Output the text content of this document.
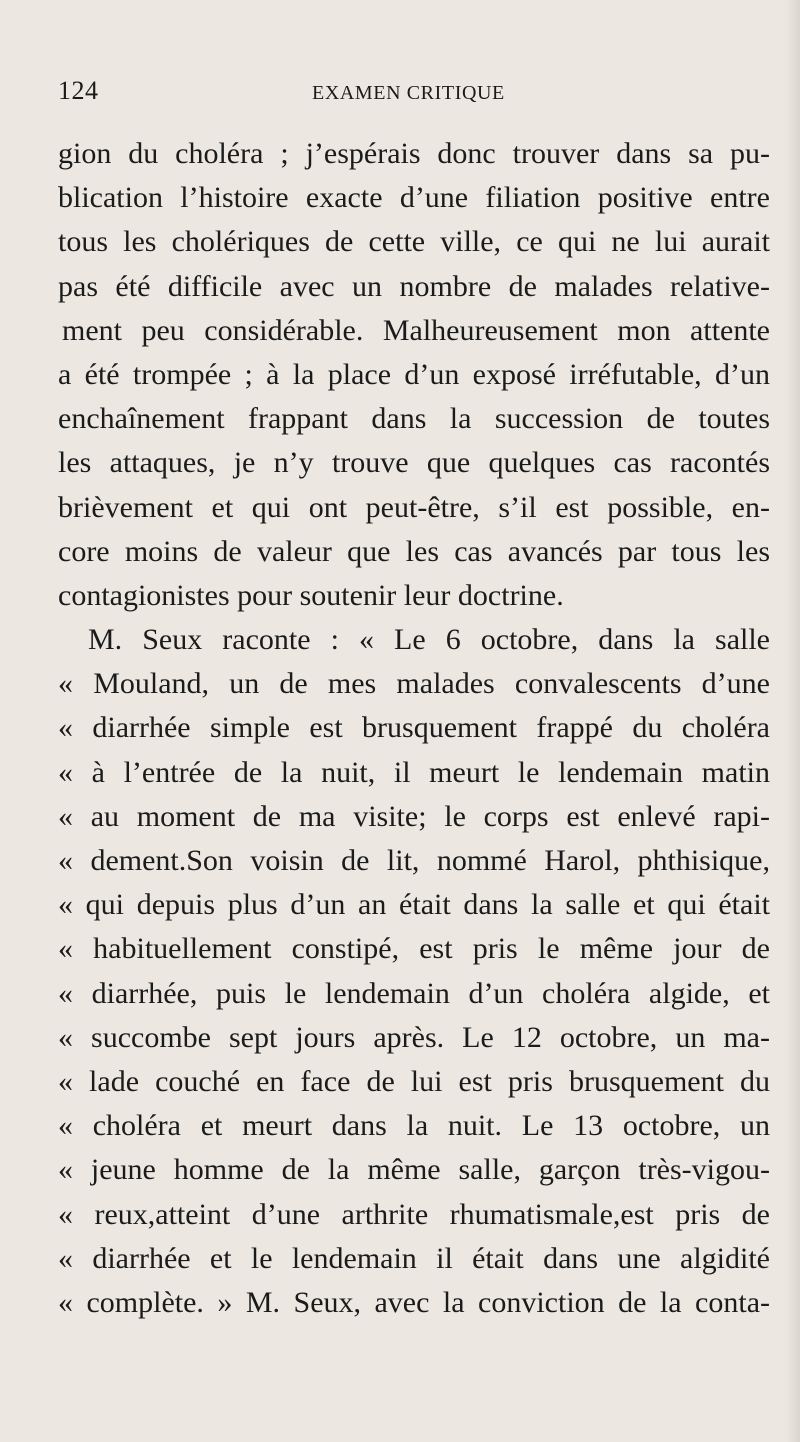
124	EXAMEN CRITIQUE
gion du choléra ; j’espérais donc trouver dans sa pu-
blication l’histoire exacte d’une filiation positive entre
tous les cholériques de cette ville, ce qui ne lui aurait
pas été difficile avec un nombre de malades relative-
ment peu considérable. Malheureusement mon attente
a été trompée ; à la place d’un exposé irréfutable, d’un
enchaînement frappant dans la succession de toutes
les attaques, je n’y trouve que quelques cas racontés
brièvement et qui ont peut-être, s’il est possible, en-
core moins de valeur que les cas avancés par tous les
contagionistes pour soutenir leur doctrine.
M. Seux raconte : « Le 6 octobre, dans la salle
« Mouland, un de mes malades convalescents d’une
« diarrhée simple est brusquement frappé du choléra
« à l’entrée de la nuit, il meurt le lendemain matin
« au moment de ma visite; le corps est enlevé rapi-
« dement.Son voisin de lit, nommé Harol, phthisique,
« qui depuis plus d’un an était dans la salle et qui était
« habituellement constipé, est pris le même jour de
« diarrhée, puis le lendemain d’un choléra algide, et
« succombe sept jours après. Le 12 octobre, un ma-
« lade couché en face de lui est pris brusquement du
« choléra et meurt dans la nuit. Le 13 octobre, un
« jeune homme de la même salle, garçon très-vigou-
« reux,atteint d’une arthrite rhumatismale,est pris de
« diarrhée et le lendemain il était dans une algidité
« complète. » M. Seux, avec la conviction de la conta-
